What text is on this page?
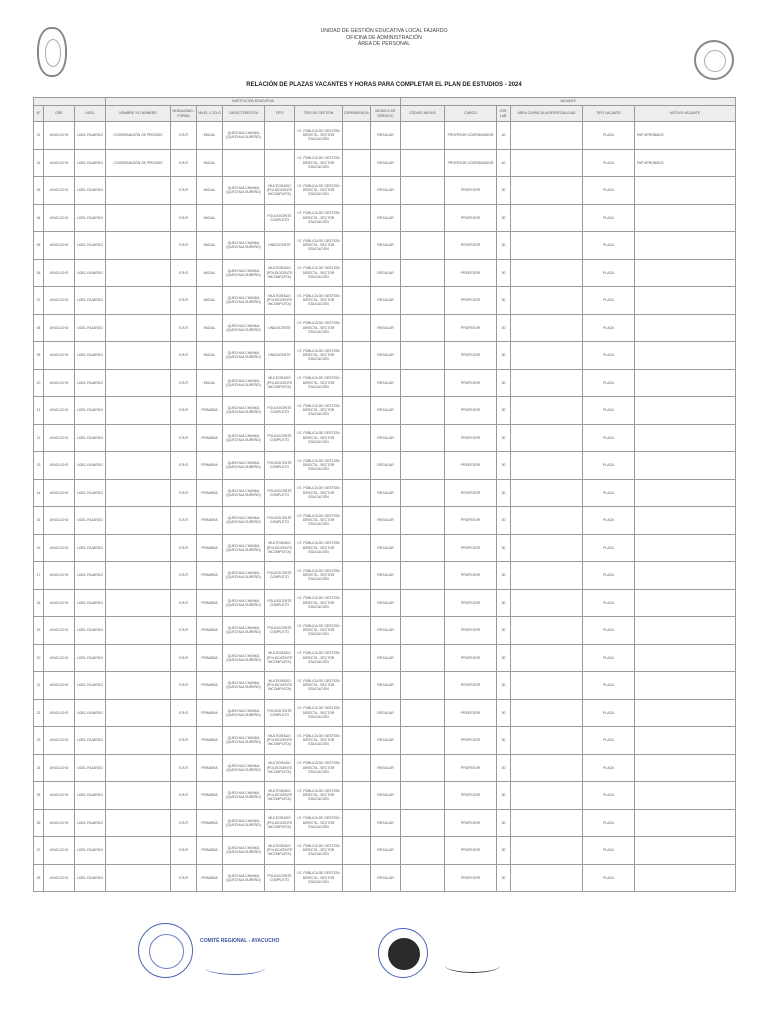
UNIDAD DE GESTIÓN EDUCATIVA LOCAL FAJARDO
OFICINA DE ADMINISTRACIÓN
ÁREA DE PERSONAL
RELACIÓN DE PLAZAS VACANTES Y HORAS PARA COMPLETAR EL PLAN DE ESTUDIOS - 2024
			INSTITUCIÓN EDUCATIVA								VACANTE					
N°	DRE	UGEL	NOMBRE Y/O NÚMERO	MODALIDAD / FORMA	NIVEL / CICLO	CARACTERÍSTICA	TIPO	TIPO DE GESTIÓN	DEPENDENCIA	MODELO DE SERVICIO	CÓDIGO NEXUS	CARGO	JOR. LAB.	ÁREA CURRICULAR/ESPECIALIDAD	TIPO VACANTE	MOTIVO VACANTE
01	AYACUCHO	UGEL FAJARDO	COORDINACIÓN DE PRONOEI	E.B.R	INICIAL	QUECHUA CHANKA (QUECHUA SUREÑO)		I.E. PÚBLICA DE GESTIÓN DIRECTA - SECTOR EDUCACIÓN		REGULAR		PROFESOR COORDINADOR	40		PLAZA	PAP APROBADO
02	AYACUCHO	UGEL FAJARDO	COORDINACIÓN DE PRONOEI	E.B.R	INICIAL			I.E. PÚBLICA DE GESTIÓN DIRECTA - SECTOR EDUCACIÓN		REGULAR		PROFESOR COORDINADOR	40		PLAZA	PAP APROBADO
03	AYACUCHO	UGEL FAJARDO		E.B.R	INICIAL	QUECHUA CHANKA (QUECHUA SUREÑO)	MULTIGRADO (POLIDOCENTE INCOMPLETA)	I.E. PÚBLICA DE GESTIÓN DIRECTA - SECTOR EDUCACIÓN		REGULAR		PROFESOR	30		PLAZA	
04	AYACUCHO	UGEL FAJARDO		E.B.R	INICIAL		POLIDOCENTE COMPLETO	I.E. PÚBLICA DE GESTIÓN DIRECTA - SECTOR EDUCACIÓN		REGULAR		PROFESOR	30		PLAZA	
05	AYACUCHO	UGEL FAJARDO		E.B.R	INICIAL	QUECHUA CHANKA (QUECHUA SUREÑO)	UNIDOCENTE	I.E. PÚBLICA DE GESTIÓN DIRECTA - SECTOR EDUCACIÓN		REGULAR		PROFESOR	30		PLAZA	
06	AYACUCHO	UGEL FAJARDO		E.B.R	INICIAL	QUECHUA CHANKA (QUECHUA SUREÑO)	MULTIGRADO (POLIDOCENTE INCOMPLETA)	I.E. PÚBLICA DE GESTIÓN DIRECTA - SECTOR EDUCACIÓN		REGULAR		PROFESOR	30		PLAZA	
07	AYACUCHO	UGEL FAJARDO		E.B.R	INICIAL	QUECHUA CHANKA (QUECHUA SUREÑO)	MULTIGRADO (POLIDOCENTE INCOMPLETA)	I.E. PÚBLICA DE GESTIÓN DIRECTA - SECTOR EDUCACIÓN		REGULAR		PROFESOR	30		PLAZA	
08	AYACUCHO	UGEL FAJARDO		E.B.R	INICIAL	QUECHUA CHANKA (QUECHUA SUREÑO)	UNIDOCENTE	I.E. PÚBLICA DE GESTIÓN DIRECTA - SECTOR EDUCACIÓN		REGULAR		PROFESOR	30		PLAZA	
09	AYACUCHO	UGEL FAJARDO		E.B.R	INICIAL	QUECHUA CHANKA (QUECHUA SUREÑO)	UNIDOCENTE	I.E. PÚBLICA DE GESTIÓN DIRECTA - SECTOR EDUCACIÓN		REGULAR		PROFESOR	30		PLAZA	
10	AYACUCHO	UGEL FAJARDO		E.B.R	INICIAL	QUECHUA CHANKA (QUECHUA SUREÑO)	MULTIGRADO (POLIDOCENTE INCOMPLETA)	I.E. PÚBLICA DE GESTIÓN DIRECTA - SECTOR EDUCACIÓN		REGULAR		PROFESOR	30		PLAZA	
11	AYACUCHO	UGEL FAJARDO		E.B.R	PRIMARIA	QUECHUA CHANKA (QUECHUA SUREÑO)	POLIDOCENTE COMPLETO	I.E. PÚBLICA DE GESTIÓN DIRECTA - SECTOR EDUCACIÓN		REGULAR		PROFESOR	30		PLAZA	
12	AYACUCHO	UGEL FAJARDO		E.B.R	PRIMARIA	QUECHUA CHANKA (QUECHUA SUREÑO)	POLIDOCENTE COMPLETO	I.E. PÚBLICA DE GESTIÓN DIRECTA - SECTOR EDUCACIÓN		REGULAR		PROFESOR	30		PLAZA	
13	AYACUCHO	UGEL FAJARDO		E.B.R	PRIMARIA	QUECHUA CHANKA (QUECHUA SUREÑO)	POLIDOCENTE COMPLETO	I.E. PÚBLICA DE GESTIÓN DIRECTA - SECTOR EDUCACIÓN		REGULAR		PROFESOR	30		PLAZA	
14	AYACUCHO	UGEL FAJARDO		E.B.R	PRIMARIA	QUECHUA CHANKA (QUECHUA SUREÑO)	POLIDOCENTE COMPLETO	I.E. PÚBLICA DE GESTIÓN DIRECTA - SECTOR EDUCACIÓN		REGULAR		PROFESOR	30		PLAZA	
15	AYACUCHO	UGEL FAJARDO		E.B.R	PRIMARIA	QUECHUA CHANKA (QUECHUA SUREÑO)	POLIDOCENTE COMPLETO	I.E. PÚBLICA DE GESTIÓN DIRECTA - SECTOR EDUCACIÓN		REGULAR		PROFESOR	30		PLAZA	
16	AYACUCHO	UGEL FAJARDO		E.B.R	PRIMARIA	QUECHUA CHANKA (QUECHUA SUREÑO)	MULTIGRADO (POLIDOCENTE INCOMPLETA)	I.E. PÚBLICA DE GESTIÓN DIRECTA - SECTOR EDUCACIÓN		REGULAR		PROFESOR	30		PLAZA	
17	AYACUCHO	UGEL FAJARDO		E.B.R	PRIMARIA	QUECHUA CHANKA (QUECHUA SUREÑO)	POLIDOCENTE COMPLETO	I.E. PÚBLICA DE GESTIÓN DIRECTA - SECTOR EDUCACIÓN		REGULAR		PROFESOR	30		PLAZA	
18	AYACUCHO	UGEL FAJARDO		E.B.R	PRIMARIA	QUECHUA CHANKA (QUECHUA SUREÑO)	POLIDOCENTE COMPLETO	I.E. PÚBLICA DE GESTIÓN DIRECTA - SECTOR EDUCACIÓN		REGULAR		PROFESOR	30		PLAZA	
19	AYACUCHO	UGEL FAJARDO		E.B.R	PRIMARIA	QUECHUA CHANKA (QUECHUA SUREÑO)	POLIDOCENTE COMPLETO	I.E. PÚBLICA DE GESTIÓN DIRECTA - SECTOR EDUCACIÓN		REGULAR		PROFESOR	30		PLAZA	
20	AYACUCHO	UGEL FAJARDO		E.B.R	PRIMARIA	QUECHUA CHANKA (QUECHUA SUREÑO)	MULTIGRADO (POLIDOCENTE INCOMPLETA)	I.E. PÚBLICA DE GESTIÓN DIRECTA - SECTOR EDUCACIÓN		REGULAR		PROFESOR	30		PLAZA	
21	AYACUCHO	UGEL FAJARDO		E.B.R	PRIMARIA	QUECHUA CHANKA (QUECHUA SUREÑO)	MULTIGRADO (POLIDOCENTE INCOMPLETA)	I.E. PÚBLICA DE GESTIÓN DIRECTA - SECTOR EDUCACIÓN		REGULAR		PROFESOR	30		PLAZA	
22	AYACUCHO	UGEL FAJARDO		E.B.R	PRIMARIA	QUECHUA CHANKA (QUECHUA SUREÑO)	POLIDOCENTE COMPLETO	I.E. PÚBLICA DE GESTIÓN DIRECTA - SECTOR EDUCACIÓN		REGULAR		PROFESOR	30		PLAZA	
23	AYACUCHO	UGEL FAJARDO		E.B.R	PRIMARIA	QUECHUA CHANKA (QUECHUA SUREÑO)	MULTIGRADO (POLIDOCENTE INCOMPLETA)	I.E. PÚBLICA DE GESTIÓN DIRECTA - SECTOR EDUCACIÓN		REGULAR		PROFESOR	30		PLAZA	
24	AYACUCHO	UGEL FAJARDO		E.B.R	PRIMARIA	QUECHUA CHANKA (QUECHUA SUREÑO)	MULTIGRADO (POLIDOCENTE INCOMPLETA)	I.E. PÚBLICA DE GESTIÓN DIRECTA - SECTOR EDUCACIÓN		REGULAR		PROFESOR	30		PLAZA	
25	AYACUCHO	UGEL FAJARDO		E.B.R	PRIMARIA	QUECHUA CHANKA (QUECHUA SUREÑO)	MULTIGRADO (POLIDOCENTE INCOMPLETA)	I.E. PÚBLICA DE GESTIÓN DIRECTA - SECTOR EDUCACIÓN		REGULAR		PROFESOR	30		PLAZA	
26	AYACUCHO	UGEL FAJARDO		E.B.R	PRIMARIA	QUECHUA CHANKA (QUECHUA SUREÑO)	MULTIGRADO (POLIDOCENTE INCOMPLETA)	I.E. PÚBLICA DE GESTIÓN DIRECTA - SECTOR EDUCACIÓN		REGULAR		PROFESOR	30		PLAZA	
27	AYACUCHO	UGEL FAJARDO		E.B.R	PRIMARIA	QUECHUA CHANKA (QUECHUA SUREÑO)	MULTIGRADO (POLIDOCENTE INCOMPLETA)	I.E. PÚBLICA DE GESTIÓN DIRECTA - SECTOR EDUCACIÓN		REGULAR		PROFESOR	30		PLAZA	
28	AYACUCHO	UGEL FAJARDO		E.B.R	PRIMARIA	QUECHUA CHANKA (QUECHUA SUREÑO)	POLIDOCENTE COMPLETO	I.E. PÚBLICA DE GESTIÓN DIRECTA - SECTOR EDUCACIÓN		REGULAR		PROFESOR	30		PLAZA	
COMITÉ REGIONAL - AYACUCHO
